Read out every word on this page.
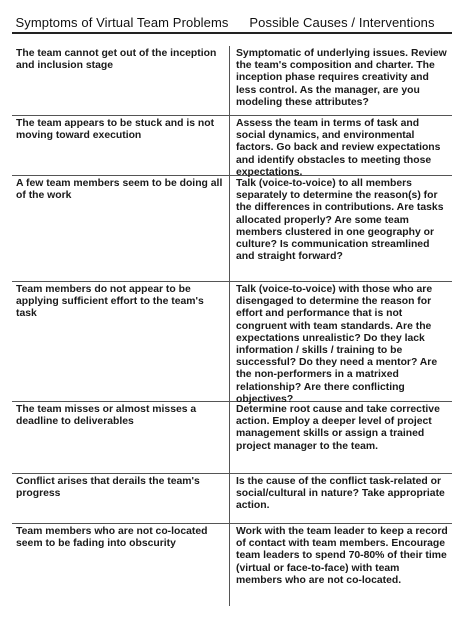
Symptoms of Virtual Team Problems	Possible Causes / Interventions
The team cannot get out of the inception and inclusion stage
Symptomatic of underlying issues. Review the team's composition and charter. The inception phase requires creativity and less control. As the manager, are you modeling these attributes?
The team appears to be stuck and is not moving toward execution
Assess the team in terms of task and social dynamics, and environmental factors. Go back and review expectations and identify obstacles to meeting those expectations.
A few team members seem to be doing all of the work
Talk (voice-to-voice) to all members separately to determine the reason(s) for the differences in contributions. Are tasks allocated properly? Are some team members clustered in one geography or culture? Is communication streamlined and straight forward?
Team members do not appear to be applying sufficient effort to the team's task
Talk (voice-to-voice) with those who are disengaged to determine the reason for effort and performance that is not congruent with team standards. Are the expectations unrealistic? Do they lack information / skills / training to be successful? Do they need a mentor? Are the non-performers in a matrixed relationship? Are there conflicting objectives?
The team misses or almost misses a deadline to deliverables
Determine root cause and take corrective action. Employ a deeper level of project management skills or assign a trained project manager to the team.
Conflict arises that derails the team's progress
Is the cause of the conflict task-related or social/cultural in nature? Take appropriate action.
Team members who are not co-located seem to be fading into obscurity
Work with the team leader to keep a record of contact with team members. Encourage team leaders to spend 70-80% of their time (virtual or face-to-face) with team members who are not co-located.
